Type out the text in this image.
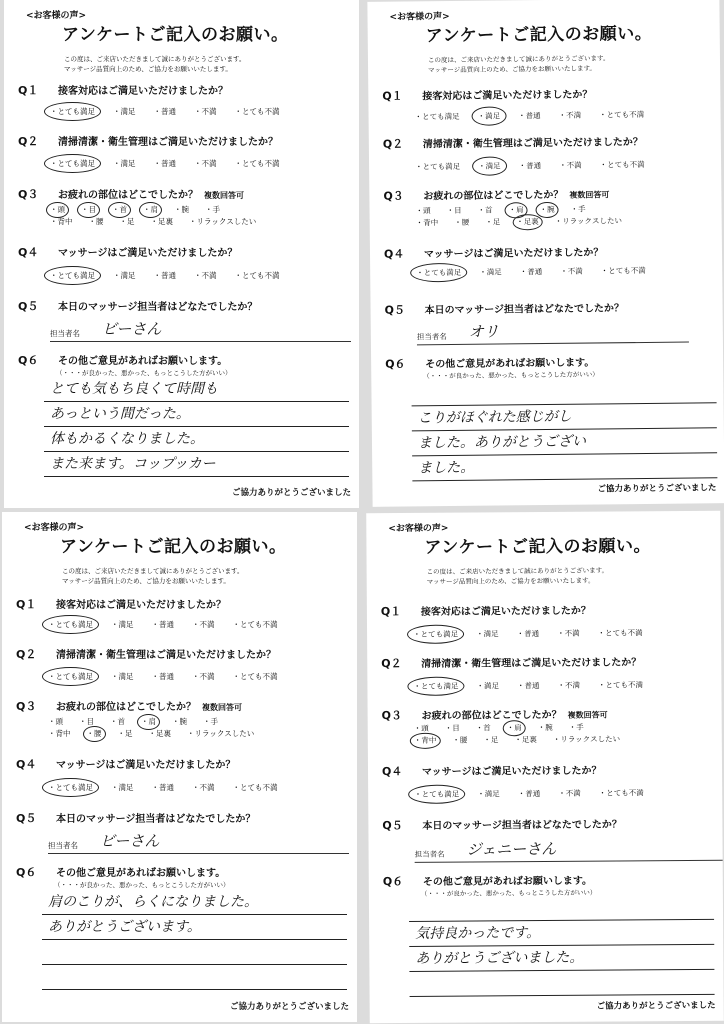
<お客様の声>
アンケートご記入のお願い。
この度は、ご来店いただきまして誠にありがとうございます。
マッサージ品質向上のため、ご協力をお願いいたします。
Q１ 接客対応はご満足いただけましたか？
・とても満足 ・満足 ・普通 ・不満 ・とても不満
Q２ 清掃清潔・衛生管理はご満足いただけましたか？
・とても満足 ・満足 ・普通 ・不満 ・とても不満
Q３ お疲れの部位はどこでしたか？ 複数回答可
・頭 ・目 ・首 ・肩 ・腕 ・手
・背中 ・腰 ・足 ・足裏 ・リラックスしたい
Q４ マッサージはご満足いただけましたか？
・とても満足 ・満足 ・普通 ・不満 ・とても不満
Q５ 本日のマッサージ担当者はどなたでしたか？
担当者名 ビーさん
Q６ その他ご意見があればお願いします。
（・・・が良かった、悪かった、もっとこうした方がいい）
とても気もち良くて時間も
あっという間だった。
体もかるくなりました。
また来ます。コップッカー
ご協力ありがとうございました
<お客様の声>
アンケートご記入のお願い。
この度は、ご来店いただきまして誠にありがとうございます。
マッサージ品質向上のため、ご協力をお願いいたします。
Q１ 接客対応はご満足いただけましたか？
・とても満足 ・満足 ・普通 ・不満 ・とても不満
Q２ 清掃清潔・衛生管理はご満足いただけましたか？
・とても満足 ・満足 ・普通 ・不満 ・とても不満
Q３ お疲れの部位はどこでしたか？ 複数回答可
・頭 ・目 ・首 ・肩 ・腕 ・手
・背中 ・腰 ・足 ・足裏 ・リラックスしたい
Q４ マッサージはご満足いただけましたか？
・とても満足 ・満足 ・普通 ・不満 ・とても不満
Q５ 本日のマッサージ担当者はどなたでしたか？
担当者名 オリ
Q６ その他ご意見があればお願いします。
（・・・が良かった、悪かった、もっとこうした方がいい）
こりがほぐれた感じがし
ました。ありがとうござい
ました。
ご協力ありがとうございました
<お客様の声>
アンケートご記入のお願い。
この度は、ご来店いただきまして誠にありがとうございます。
マッサージ品質向上のため、ご協力をお願いいたします。
Q１ 接客対応はご満足いただけましたか？
・とても満足 ・満足 ・普通 ・不満 ・とても不満
Q２ 清掃清潔・衛生管理はご満足いただけましたか？
・とても満足 ・満足 ・普通 ・不満 ・とても不満
Q３ お疲れの部位はどこでしたか？ 複数回答可
・頭 ・目 ・首 ・肩 ・腕 ・手
・背中 ・腰 ・足 ・足裏 ・リラックスしたい
Q４ マッサージはご満足いただけましたか？
・とても満足 ・満足 ・普通 ・不満 ・とても不満
Q５ 本日のマッサージ担当者はどなたでしたか？
担当者名 ビーさん
Q６ その他ご意見があればお願いします。
（・・・が良かった、悪かった、もっとこうした方がいい）
肩のこりが、らくになりました。
ありがとうございます。
ご協力ありがとうございました
<お客様の声>
アンケートご記入のお願い。
この度は、ご来店いただきまして誠にありがとうございます。
マッサージ品質向上のため、ご協力をお願いいたします。
Q１ 接客対応はご満足いただけましたか？
・とても満足 ・満足 ・普通 ・不満 ・とても不満
Q２ 清掃清潔・衛生管理はご満足いただけましたか？
・とても満足 ・満足 ・普通 ・不満 ・とても不満
Q３ お疲れの部位はどこでしたか？ 複数回答可
・頭 ・目 ・首 ・肩 ・腕 ・手
・背中 ・腰 ・足 ・足裏 ・リラックスしたい
Q４ マッサージはご満足いただけましたか？
・とても満足 ・満足 ・普通 ・不満 ・とても不満
Q５ 本日のマッサージ担当者はどなたでしたか？
担当者名 ジェニーさん
Q６ その他ご意見があればお願いします。
（・・・が良かった、悪かった、もっとこうした方がいい）
気持良かったです。
ありがとうございました。
ご協力ありがとうございました
